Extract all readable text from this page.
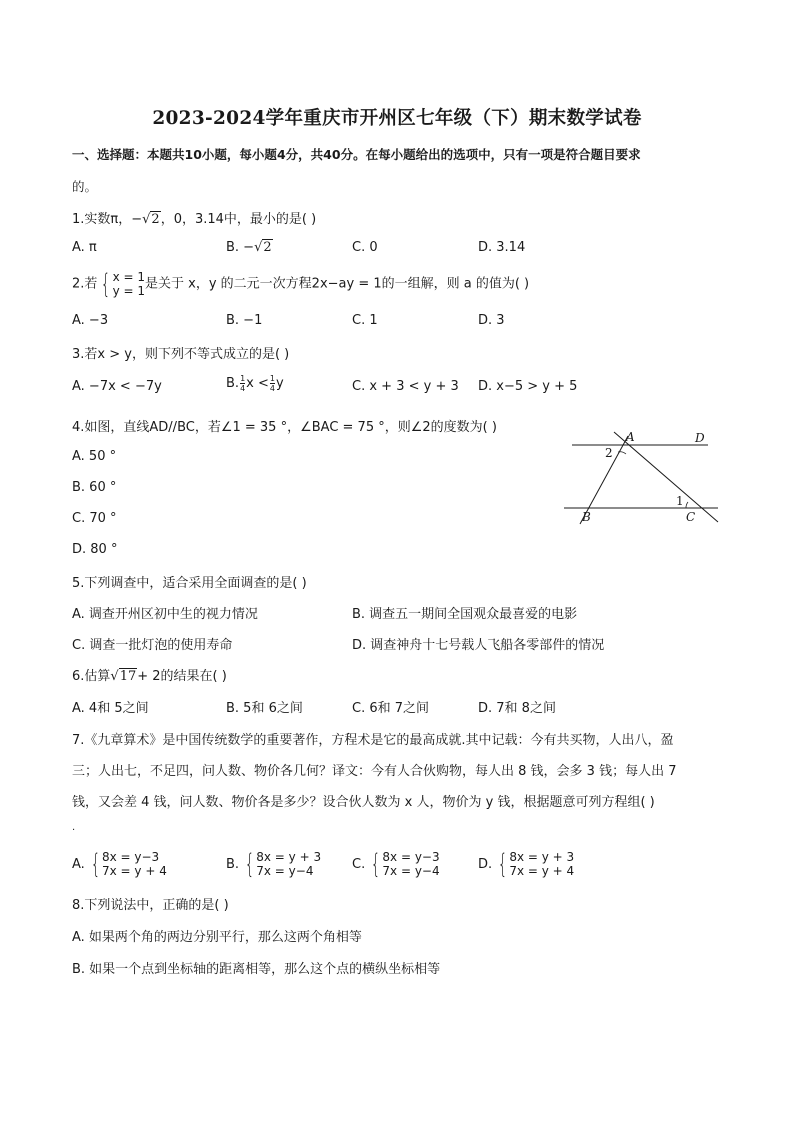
2023-2024学年重庆市开州区七年级（下）期末数学试卷
一、选择题：本题共10小题，每小题4分，共40分。在每小题给出的选项中，只有一项是符合题目要求
的。
1.实数π，−√2，0，3.14中，最小的是( )
A. π	B. −√2	C. 0	D. 3.14
2.若 { x = 1
y = 1 是关于 x，y 的二元一次方程2x−ay = 1的一组解，则 a 的值为( )
A. −3	B. −1	C. 1	D. 3
3.若x > y，则下列不等式成立的是( )
A. −7x < −7y	B. $\frac{1}{4}$ $x < \frac{1}{4}$ y	C. x + 3 < y + 3 D. x−5 > y + 5
4.如图，直线AD//BC，若∠1 = 35 °，∠BAC = 75 °，则∠2的度数为( )
A. 50 °
B. 60 °
C. 70 °
D. 80 °
A	D
B	C
1
2
5.下列调查中，适合采用全面调查的是( )
A. 调查开州区初中生的视力情况	B. 调查五一期间全国观众最喜爱的电影
C. 调查一批灯泡的使用寿命	D. 调查神舟十七号载人飞船各零部件的情况
6.估算√17+ 2的结果在( )
A. 4和 5之间	B. 5和 6之间	C. 6和 7之间	D. 7和 8之间
7.《九章算术》是中国传统数学的重要著作，方程术是它的最高成就.其中记载：今有共买物，人出八，盈
三；人出七，不足四，问人数、物价各几何？译文：今有人合伙购物，每人出 8 钱，会多 3 钱；每人出 7
钱，又会差 4 钱，问人数、物价各是多少？设合伙人数为 x 人，物价为 y 钱，根据题意可列方程组( )
.
A. { 8x = y−3
7x = y + 4	B. { 8x = y + 3
7x = y−4	C. { 8x = y−3
7x = y−4	D. { 8x = y + 3
7x = y + 4
8.下列说法中，正确的是( )
A. 如果两个角的两边分别平行，那么这两个角相等
B. 如果一个点到坐标轴的距离相等，那么这个点的横纵坐标相等
